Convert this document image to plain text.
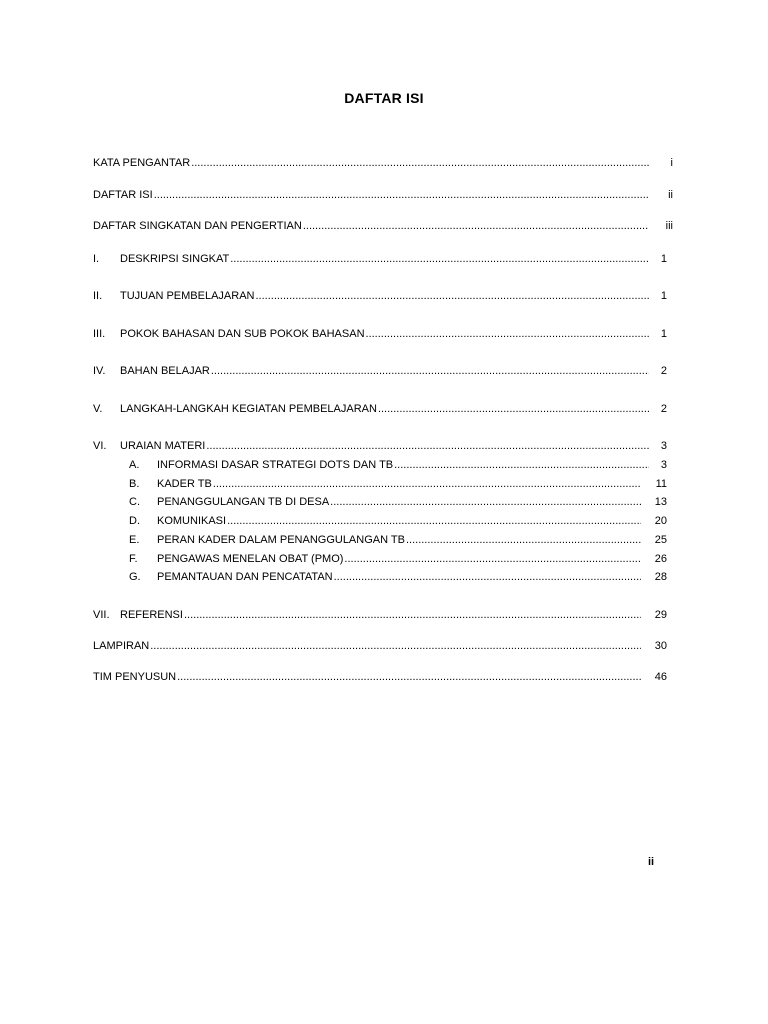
DAFTAR ISI
KATA PENGANTAR .....	i
DAFTAR ISI .....	ii
DAFTAR SINGKATAN DAN PENGERTIAN .....	iii
I.	DESKRIPSI SINGKAT .....	1
II.	TUJUAN PEMBELAJARAN .....	1
III.	POKOK BAHASAN DAN SUB POKOK BAHASAN .....	1
IV.	BAHAN BELAJAR .....	2
V.	LANGKAH-LANGKAH KEGIATAN PEMBELAJARAN .....	2
VI.	URAIAN MATERI .....	3
A.	INFORMASI DASAR STRATEGI DOTS DAN TB .....	3
B.	KADER TB .....	11
C.	PENANGGULANGAN TB DI DESA .....	13
D.	KOMUNIKASI .....	20
E.	PERAN KADER DALAM PENANGGULANGAN TB .....	25
F.	PENGAWAS MENELAN OBAT (PMO) .....	26
G.	PEMANTAUAN DAN PENCATATAN .....	28
VII. REFERENSI .....	29
LAMPIRAN .....	30
TIM PENYUSUN .....	46
ii
